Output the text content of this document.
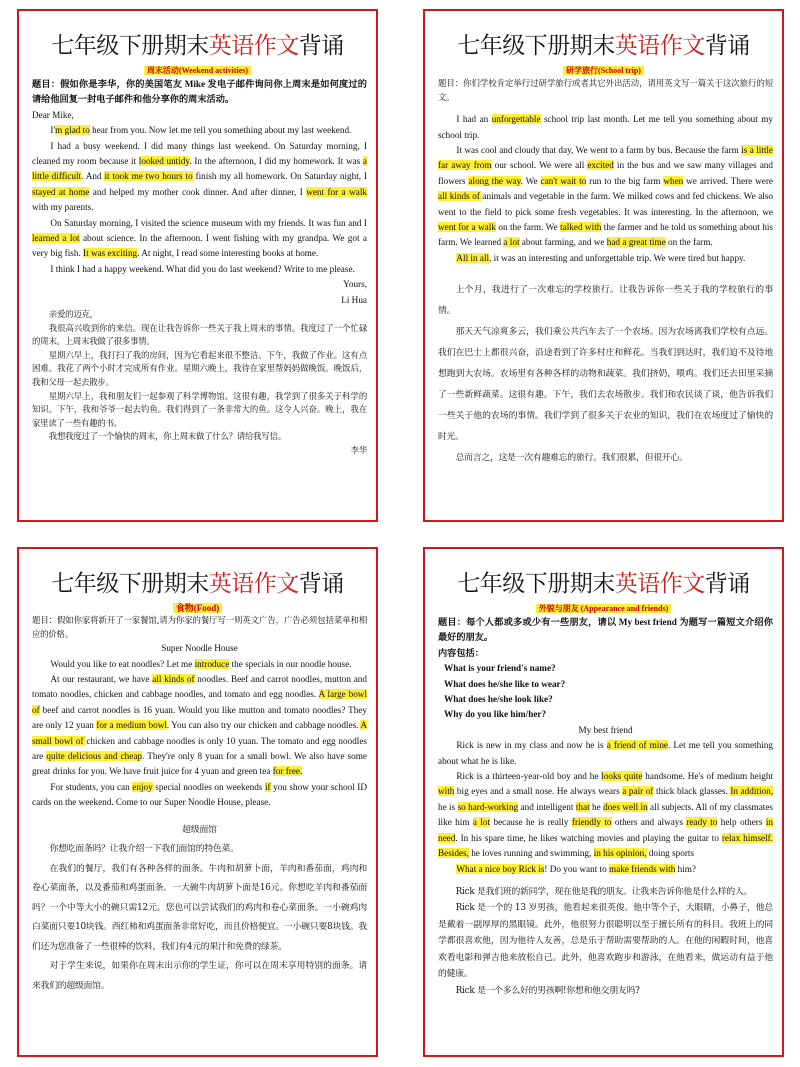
七年级下册期末英语作文背诵
周末活动(Weekend activities)

题目：假如你是李华，你的美国笔友 Mike 发电子邮件询问你上周末是如何度过的请给他回复一封电子邮件和他分享你的周末活动。

Dear Mike,

I'm glad to hear from you. Now let me tell you something about my last weekend.

I had a busy weekend. I did many things last weekend. On Saturday morning, I cleaned my room because it looked untidy. In the afternoon, I did my homework. It was a little difficult. And it took me two hours to finish my all homework. On Saturday night, I stayed at home and helped my mother cook dinner. And after dinner, I went for a walk with my parents.

On Saturday morning, I visited the science museum with my friends. It was fun and I learned a lot about science. In the afternoon. I went fishing with my grandpa. We got a very big fish. It was exciting. At night, I read some interesting books at home.

I think I had a happy weekend. What did you do last weekend? Write to me please.

Yours,

Li Hua

亲爱的迈克，

我很高兴收到你的来信。现在让我告诉你一些关于我上周末的事情。我度过了一个忙碌的周末。上周末我做了很多事情。

星期六早上，我打扫了我的房间，因为它看起来很不整洁。下午，我做了作业。这有点困难。我花了两个小时才完成所有作业。星期六晚上，我待在家里帮妈妈做晚饭。晚饭后，我和父母一起去散步。

星期六早上，我和朋友们一起参观了科学博物馆。这很有趣，我学到了很多关于科学的知识。下午，我和爷爷一起去钓鱼。我们得到了一条非常大的鱼。这令人兴奋。晚上，我在家里读了一些有趣的书。

我想我度过了一个愉快的周末，你上周末做了什么？请给我写信。

李华

七年级下册期末英语作文背诵
研学旅行(School trip)

题目：你们学校肯定举行过研学旅行或者其它外出活动，请用英文写一篇关于这次旅行的短文。

I had an unforgettable school trip last month. Let me tell you something about my school trip.

It was cool and cloudy that day, We went to a farm by bus. Because the farm is a little far away from our school. We were all excited in the bus and we saw many villages and flowers along the way. We can't wait to run to the big farm when we arrived. There were all kinds of animals and vegetable in the farm. We milked cows and fed chickens. We also went to the field to pick some fresh vegetables. It was interesting. In the afternoon, we went for a walk on the farm. We talked with the farmer and he told us something about his farm. We learned a lot about farming, and we had a great time on the farm.

All in all, it was an interesting and unforgettable trip. We were tired but happy.

上个月，我进行了一次难忘的学校旅行。让我告诉你一些关于我的学校旅行的事情。

那天天气凉爽多云，我们乘公共汽车去了一个农场。因为农场离我们学校有点远。我们在巴士上都很兴奋，沿途看到了许多村庄和鲜花。当我们到达时，我们迫不及待地想跑到大农场。农场里有各种各样的动物和蔬菜。我们挤奶，喂鸡。我们还去田里采摘了一些新鲜蔬菜。这很有趣。下午，我们去农场散步。我们和农民谈了谈，他告诉我们一些关于他的农场的事情。我们学到了很多关于农业的知识，我们在农场度过了愉快的时光。

总而言之，这是一次有趣难忘的旅行。我们很累，但很开心。

七年级下册期末英语作文背诵
食物(Food)

题目：假如你家将新开了一家餐馆,请为你家的餐厅写一则英文广告，广告必须包括菜单和相应的价格。

Super Noodle House

Would you like to eat noodles? Let me introduce the specials in our noodle house.

At our restaurant, we have all kinds of noodles. Beef and carrot noodles, mutton and tomato noodles, chicken and cabbage noodles, and tomato and egg noodles. A large bowl of beef and carrot noodles is 16 yuan. Would you like mutton and tomato noodles? They are only 12 yuan for a medium bowl. You can also try our chicken and cabbage noodles. A small bowl of chicken and cabbage noodles is only 10 yuan. The tomato and egg noodles are quite delicious and cheap. They're only 8 yuan for a small bowl. We also have some great drinks for you. We have fruit juice for 4 yuan and green tea for free.

For students, you can enjoy special noodles on weekends if you show your school ID cards on the weekend. Come to our Super Noodle House, please.

超级面馆

你想吃面条吗？让我介绍一下我们面馆的特色菜。

在我们的餐厅，我们有各种各样的面条。牛肉和胡萝卜面，羊肉和番茄面，鸡肉和卷心菜面条，以及番茄和鸡蛋面条。一大碗牛肉胡萝卜面是16元。你想吃羊肉和番茄面吗？一个中等大小的碗只需12元。您也可以尝试我们的鸡肉和卷心菜面条。一小碗鸡肉白菜面只要10块钱。西红柿和鸡蛋面条非常好吃，而且价格便宜。一小碗只要8块钱。我们还为您准备了一些很棒的饮料，我们有4元的果汁和免费的绿茶。

对于学生来说，如果你在周末出示你的学生证，你可以在周末享用特别的面条。请来我们的超级面馆。

七年级下册期末英语作文背诵
外貌与朋友 (Appearance and friends)

题目：每个人都或多或少有一些朋友，请以 My best friend 为题写一篇短文介绍你最好的朋友。

内容包括：

What is your friend's name?

What does he/she like to wear?

What does he/she look like?

Why do you like him/her?

My best friend

Rick is new in my class and now he is a friend of mine. Let me tell you something about what he is like.

Rick is a thirteen-year-old boy and he looks quite handsome. He's of medium height with big eyes and a small nose. He always wears a pair of thick black glasses. In addition, he is so hard-working and intelligent that he does well in all subjects. All of my classmates like him a lot because he is really friendly to others and always ready to help others in need. In his spare time, he likes watching movies and playing the guitar to relax himself. Besides, he loves running and swimming, in his opinion, doing sports

What a nice boy Rick is! Do you want to make friends with him?

Rick 是我们班的新同学，现在他是我的朋友。让我来告诉你他是什么样的人。

Rick 是一个的 13 岁男孩，他看起来很英俊。他中等个子，大眼睛，小鼻子，他总是戴着一副厚厚的黑眼镜。此外，他很努力很聪明以至于擅长所有的科目。我班上的同学都很喜欢他，因为他待人友善，总是乐于帮助需要帮助的人。在他的闲暇时间，他喜欢看电影和弹吉他来放松自己。此外，他喜欢跑步和游泳，在他看来，做运动有益于他的健康。

Rick 是一个多么好的男孩啊!你想和他交朋友吗?
